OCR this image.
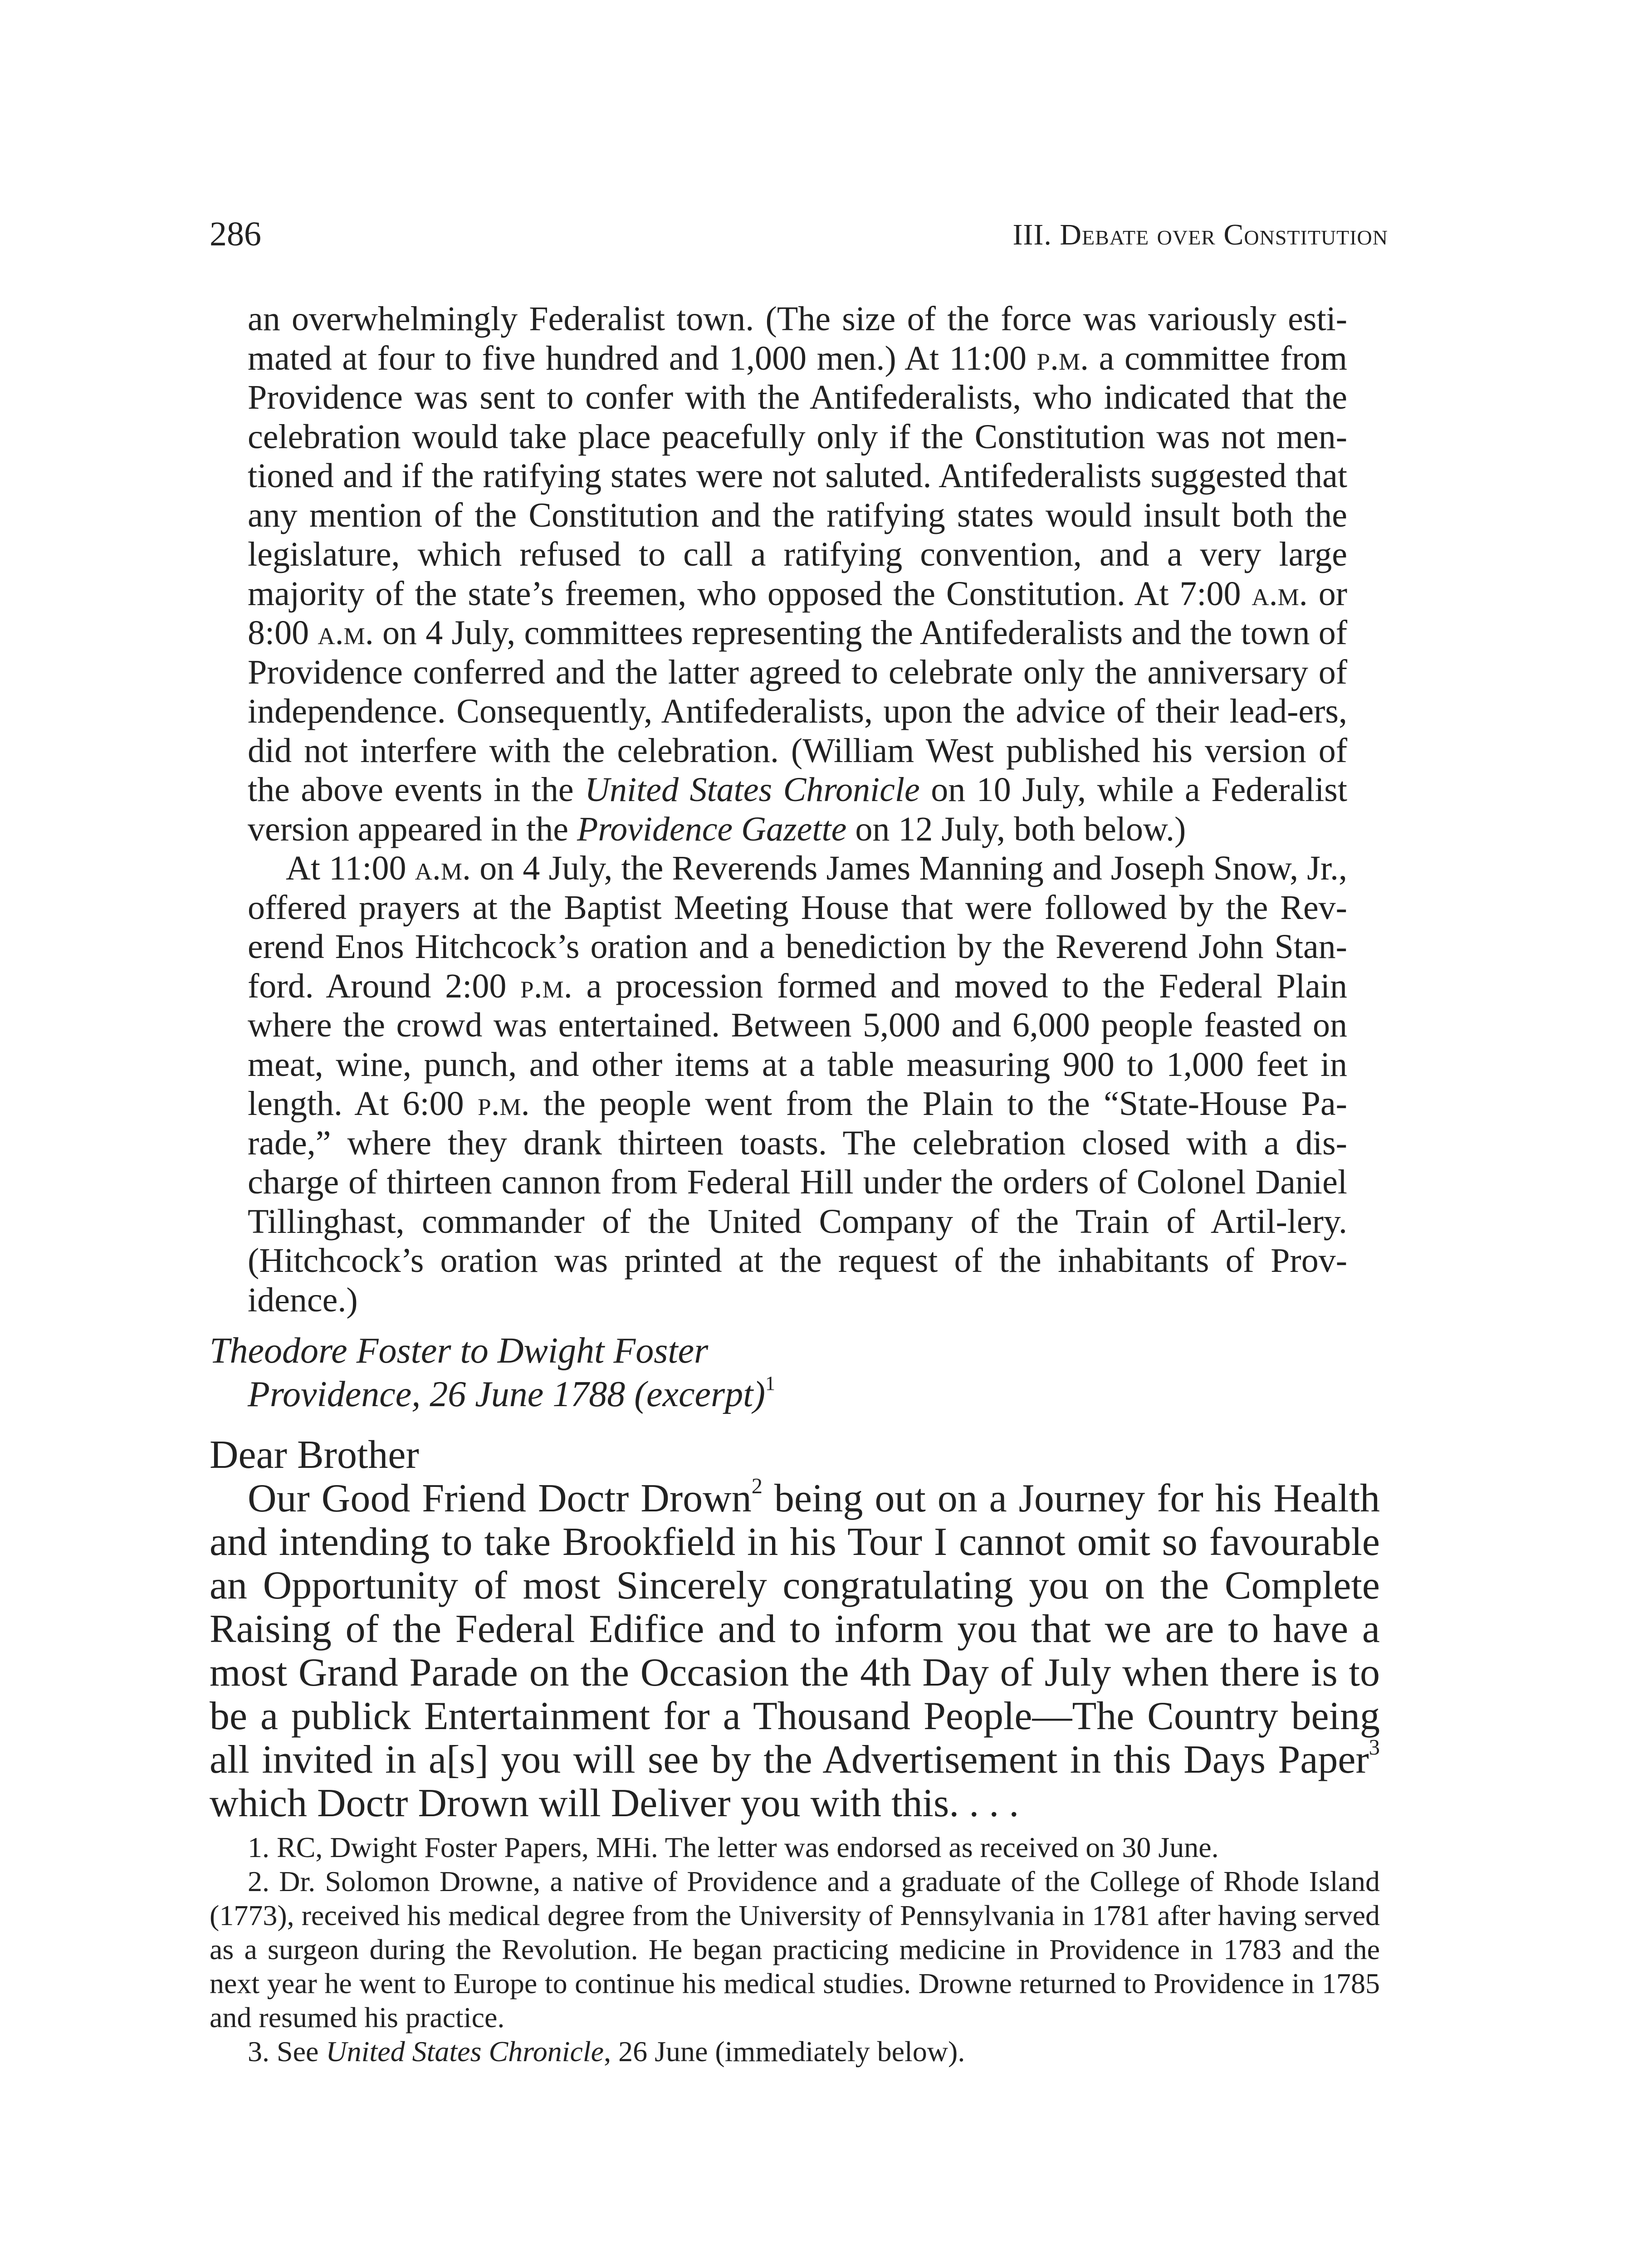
286	III. Debate over Constitution

an overwhelmingly Federalist town. (The size of the force was variously esti-mated at four to five hundred and 1,000 men.) At 11:00 p.m. a committee from Providence was sent to confer with the Antifederalists, who indicated that the celebration would take place peacefully only if the Constitution was not men-tioned and if the ratifying states were not saluted. Antifederalists suggested that any mention of the Constitution and the ratifying states would insult both the legislature, which refused to call a ratifying convention, and a very large majority of the state’s freemen, who opposed the Constitution. At 7:00 a.m. or 8:00 a.m. on 4 July, committees representing the Antifederalists and the town of Providence conferred and the latter agreed to celebrate only the anniversary of independence. Consequently, Antifederalists, upon the advice of their lead-ers, did not interfere with the celebration. (William West published his version of the above events in the United States Chronicle on 10 July, while a Federalist version appeared in the Providence Gazette on 12 July, both below.)

At 11:00 a.m. on 4 July, the Reverends James Manning and Joseph Snow, Jr., offered prayers at the Baptist Meeting House that were followed by the Rev-erend Enos Hitchcock’s oration and a benediction by the Reverend John Stan-ford. Around 2:00 p.m. a procession formed and moved to the Federal Plain where the crowd was entertained. Between 5,000 and 6,000 people feasted on meat, wine, punch, and other items at a table measuring 900 to 1,000 feet in length. At 6:00 p.m. the people went from the Plain to the “State-House Pa-rade,” where they drank thirteen toasts. The celebration closed with a dis-charge of thirteen cannon from Federal Hill under the orders of Colonel Daniel Tillinghast, commander of the United Company of the Train of Artil-lery. (Hitchcock’s oration was printed at the request of the inhabitants of Prov-idence.)

Theodore Foster to Dwight Foster
Providence, 26 June 1788 (excerpt)$^1$

Dear Brother

Our Good Friend Doctr Drown$^2$ being out on a Journey for his Health and intending to take Brookfield in his Tour I cannot omit so favourable an Opportunity of most Sincerely congratulating you on the Complete Raising of the Federal Edifice and to inform you that we are to have a most Grand Parade on the Occasion the 4th Day of July when there is to be a publick Entertainment for a Thousand People—The Country being all invited in a[s] you will see by the Advertisement in this Days Paper$^3$ which Doctr Drown will Deliver you with this. . . .

1. RC, Dwight Foster Papers, MHi. The letter was endorsed as received on 30 June.

2. Dr. Solomon Drowne, a native of Providence and a graduate of the College of Rhode Island (1773), received his medical degree from the University of Pennsylvania in 1781 after having served as a surgeon during the Revolution. He began practicing medicine in Providence in 1783 and the next year he went to Europe to continue his medical studies. Drowne returned to Providence in 1785 and resumed his practice.

3. See United States Chronicle, 26 June (immediately below).
